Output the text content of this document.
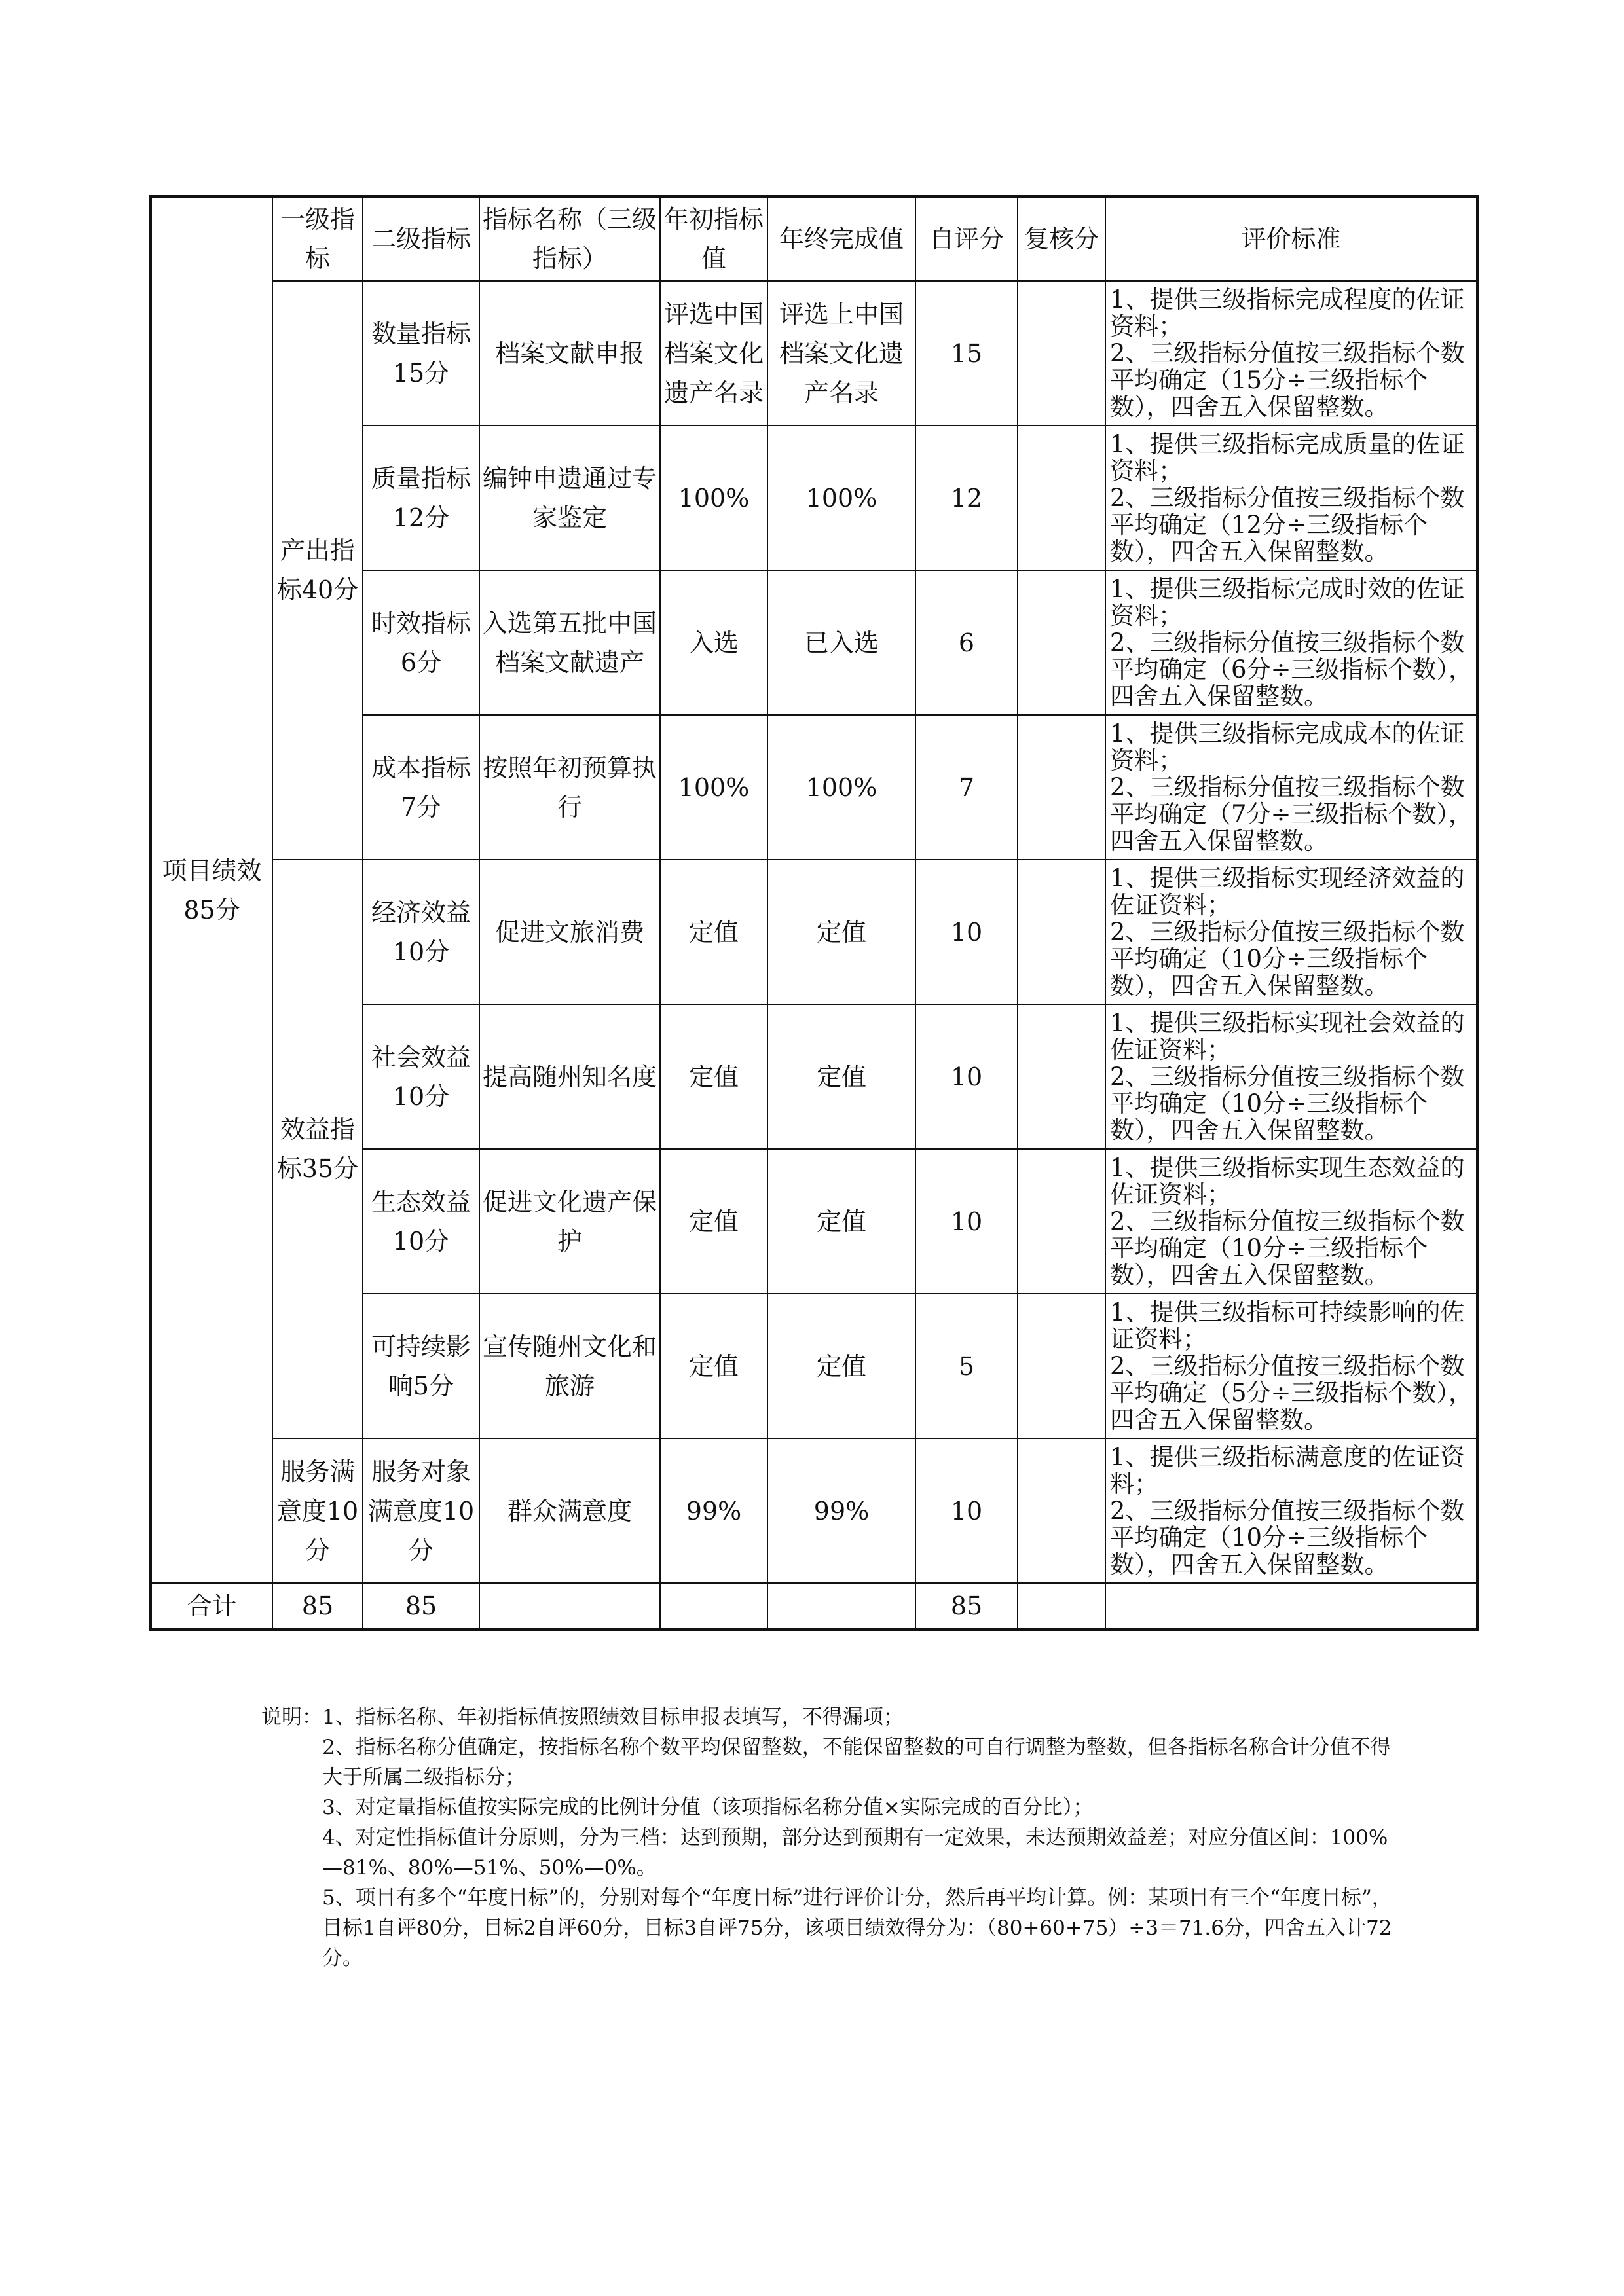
项目绩效85分	一级指标	二级指标	指标名称（三级指标）	年初指标值	年终完成值	自评分	复核分	评价标准
	产出指标40分	数量指标15分	档案文献申报	评选中国档案文化遗产名录	评选上中国档案文化遗产名录	15		1、提供三级指标完成程度的佐证资料；
2、三级指标分值按三级指标个数平均确定（15分÷三级指标个数），四舍五入保留整数。

		质量指标12分	编钟申遗通过专家鉴定	100%	100%	12		1、提供三级指标完成质量的佐证资料；
2、三级指标分值按三级指标个数平均确定（12分÷三级指标个数），四舍五入保留整数。

		时效指标6分	入选第五批中国档案文献遗产	入选	已入选	6		1、提供三级指标完成时效的佐证资料；
2、三级指标分值按三级指标个数平均确定（6分÷三级指标个数），四舍五入保留整数。

		成本指标7分	按照年初预算执行	100%	100%	7		1、提供三级指标完成成本的佐证资料；
2、三级指标分值按三级指标个数平均确定（7分÷三级指标个数），四舍五入保留整数。

	效益指标35分	经济效益10分	促进文旅消费	定值	定值	10		1、提供三级指标实现经济效益的佐证资料；
2、三级指标分值按三级指标个数平均确定（10分÷三级指标个数），四舍五入保留整数。

		社会效益10分	提高随州知名度	定值	定值	10		1、提供三级指标实现社会效益的佐证资料；
2、三级指标分值按三级指标个数平均确定（10分÷三级指标个数），四舍五入保留整数。

		生态效益10分	促进文化遗产保护	定值	定值	10		1、提供三级指标实现生态效益的佐证资料；
2、三级指标分值按三级指标个数平均确定（10分÷三级指标个数），四舍五入保留整数。

		可持续影响5分	宣传随州文化和旅游	定值	定值	5		1、提供三级指标可持续影响的佐证资料；
2、三级指标分值按三级指标个数平均确定（5分÷三级指标个数），四舍五入保留整数。

	服务满意度10分	服务对象满意度10分	群众满意度	99%	99%	10		1、提供三级指标满意度的佐证资料；
2、三级指标分值按三级指标个数平均确定（10分÷三级指标个数），四舍五入保留整数。

合计	85	85				85		
说明： 1、指标名称、年初指标值按照绩效目标申报表填写，不得漏项；
2、指标名称分值确定，按指标名称个数平均保留整数，不能保留整数的可自行调整为整数，但各指标名称合计分值不得大于所属二级指标分；
3、对定量指标值按实际完成的比例计分值（该项指标名称分值×实际完成的百分比）；
4、对定性指标值计分原则，分为三档：达到预期，部分达到预期有一定效果，未达预期效益差；对应分值区间：100%—81%、80%—51%、50%—0%。
5、项目有多个“年度目标”的，分别对每个“年度目标”进行评价计分，然后再平均计算。例：某项目有三个“年度目标”，目标1自评80分，目标2自评60分，目标3自评75分，该项目绩效得分为：（80+60+75）÷3＝71.6分，四舍五入计72分。
